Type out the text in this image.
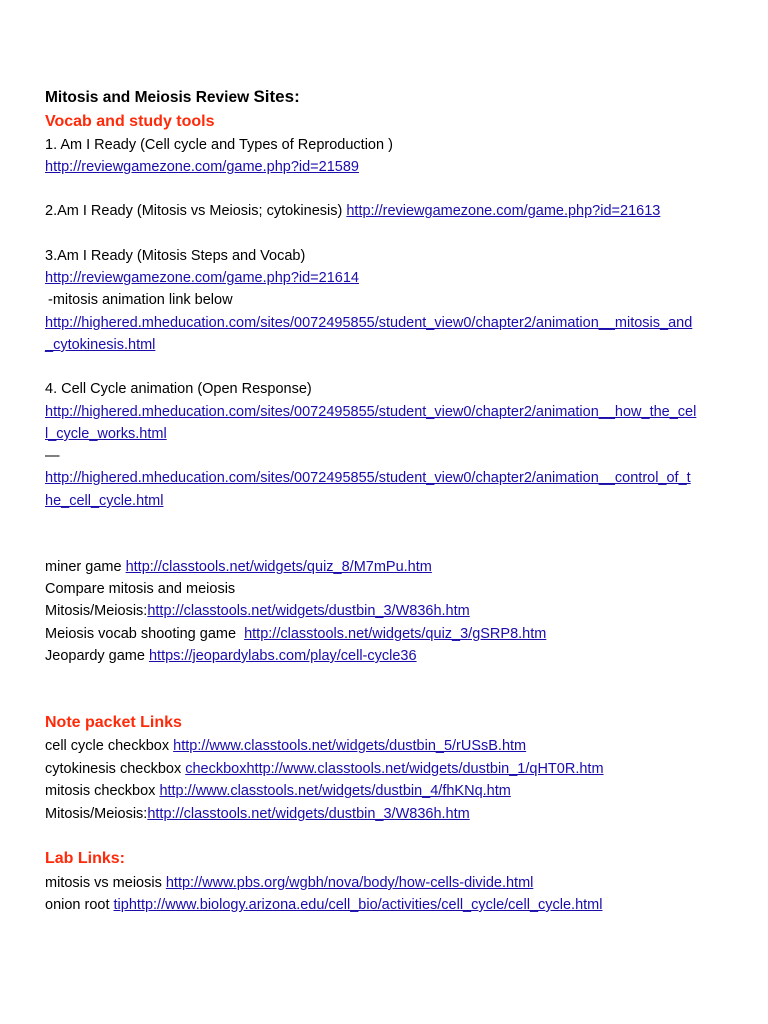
Mitosis and Meiosis Review Sites:
Vocab and study tools
1. Am I Ready (Cell cycle and Types of Reproduction )
http://reviewgamezone.com/game.php?id=21589
2.Am I Ready (Mitosis vs Meiosis; cytokinesis) http://reviewgamezone.com/game.php?id=21613
3.Am I Ready (Mitosis Steps and Vocab)
http://reviewgamezone.com/game.php?id=21614
-mitosis animation link below
http://highered.mheducation.com/sites/0072495855/student_view0/chapter2/animation__mitosis_and
_cytokinesis.html
4. Cell Cycle animation (Open Response)
http://highered.mheducation.com/sites/0072495855/student_view0/chapter2/animation__how_the_cel
l_cycle_works.html
—
http://highered.mheducation.com/sites/0072495855/student_view0/chapter2/animation__control_of_t
he_cell_cycle.html
miner game http://classtools.net/widgets/quiz_8/M7mPu.htm
Compare mitosis and meiosis
Mitosis/Meiosis:http://classtools.net/widgets/dustbin_3/W836h.htm
Meiosis vocab shooting game http://classtools.net/widgets/quiz_3/gSRP8.htm
Jeopardy game https://jeopardylabs.com/play/cell-cycle36
Note packet Links
cell cycle checkbox http://www.classtools.net/widgets/dustbin_5/rUSsB.htm
cytokinesis checkbox checkboxhttp://www.classtools.net/widgets/dustbin_1/qHT0R.htm
mitosis checkbox http://www.classtools.net/widgets/dustbin_4/fhKNq.htm
Mitosis/Meiosis:http://classtools.net/widgets/dustbin_3/W836h.htm
Lab Links:
mitosis vs meiosis http://www.pbs.org/wgbh/nova/body/how-cells-divide.html
onion root tiphttp://www.biology.arizona.edu/cell_bio/activities/cell_cycle/cell_cycle.html
